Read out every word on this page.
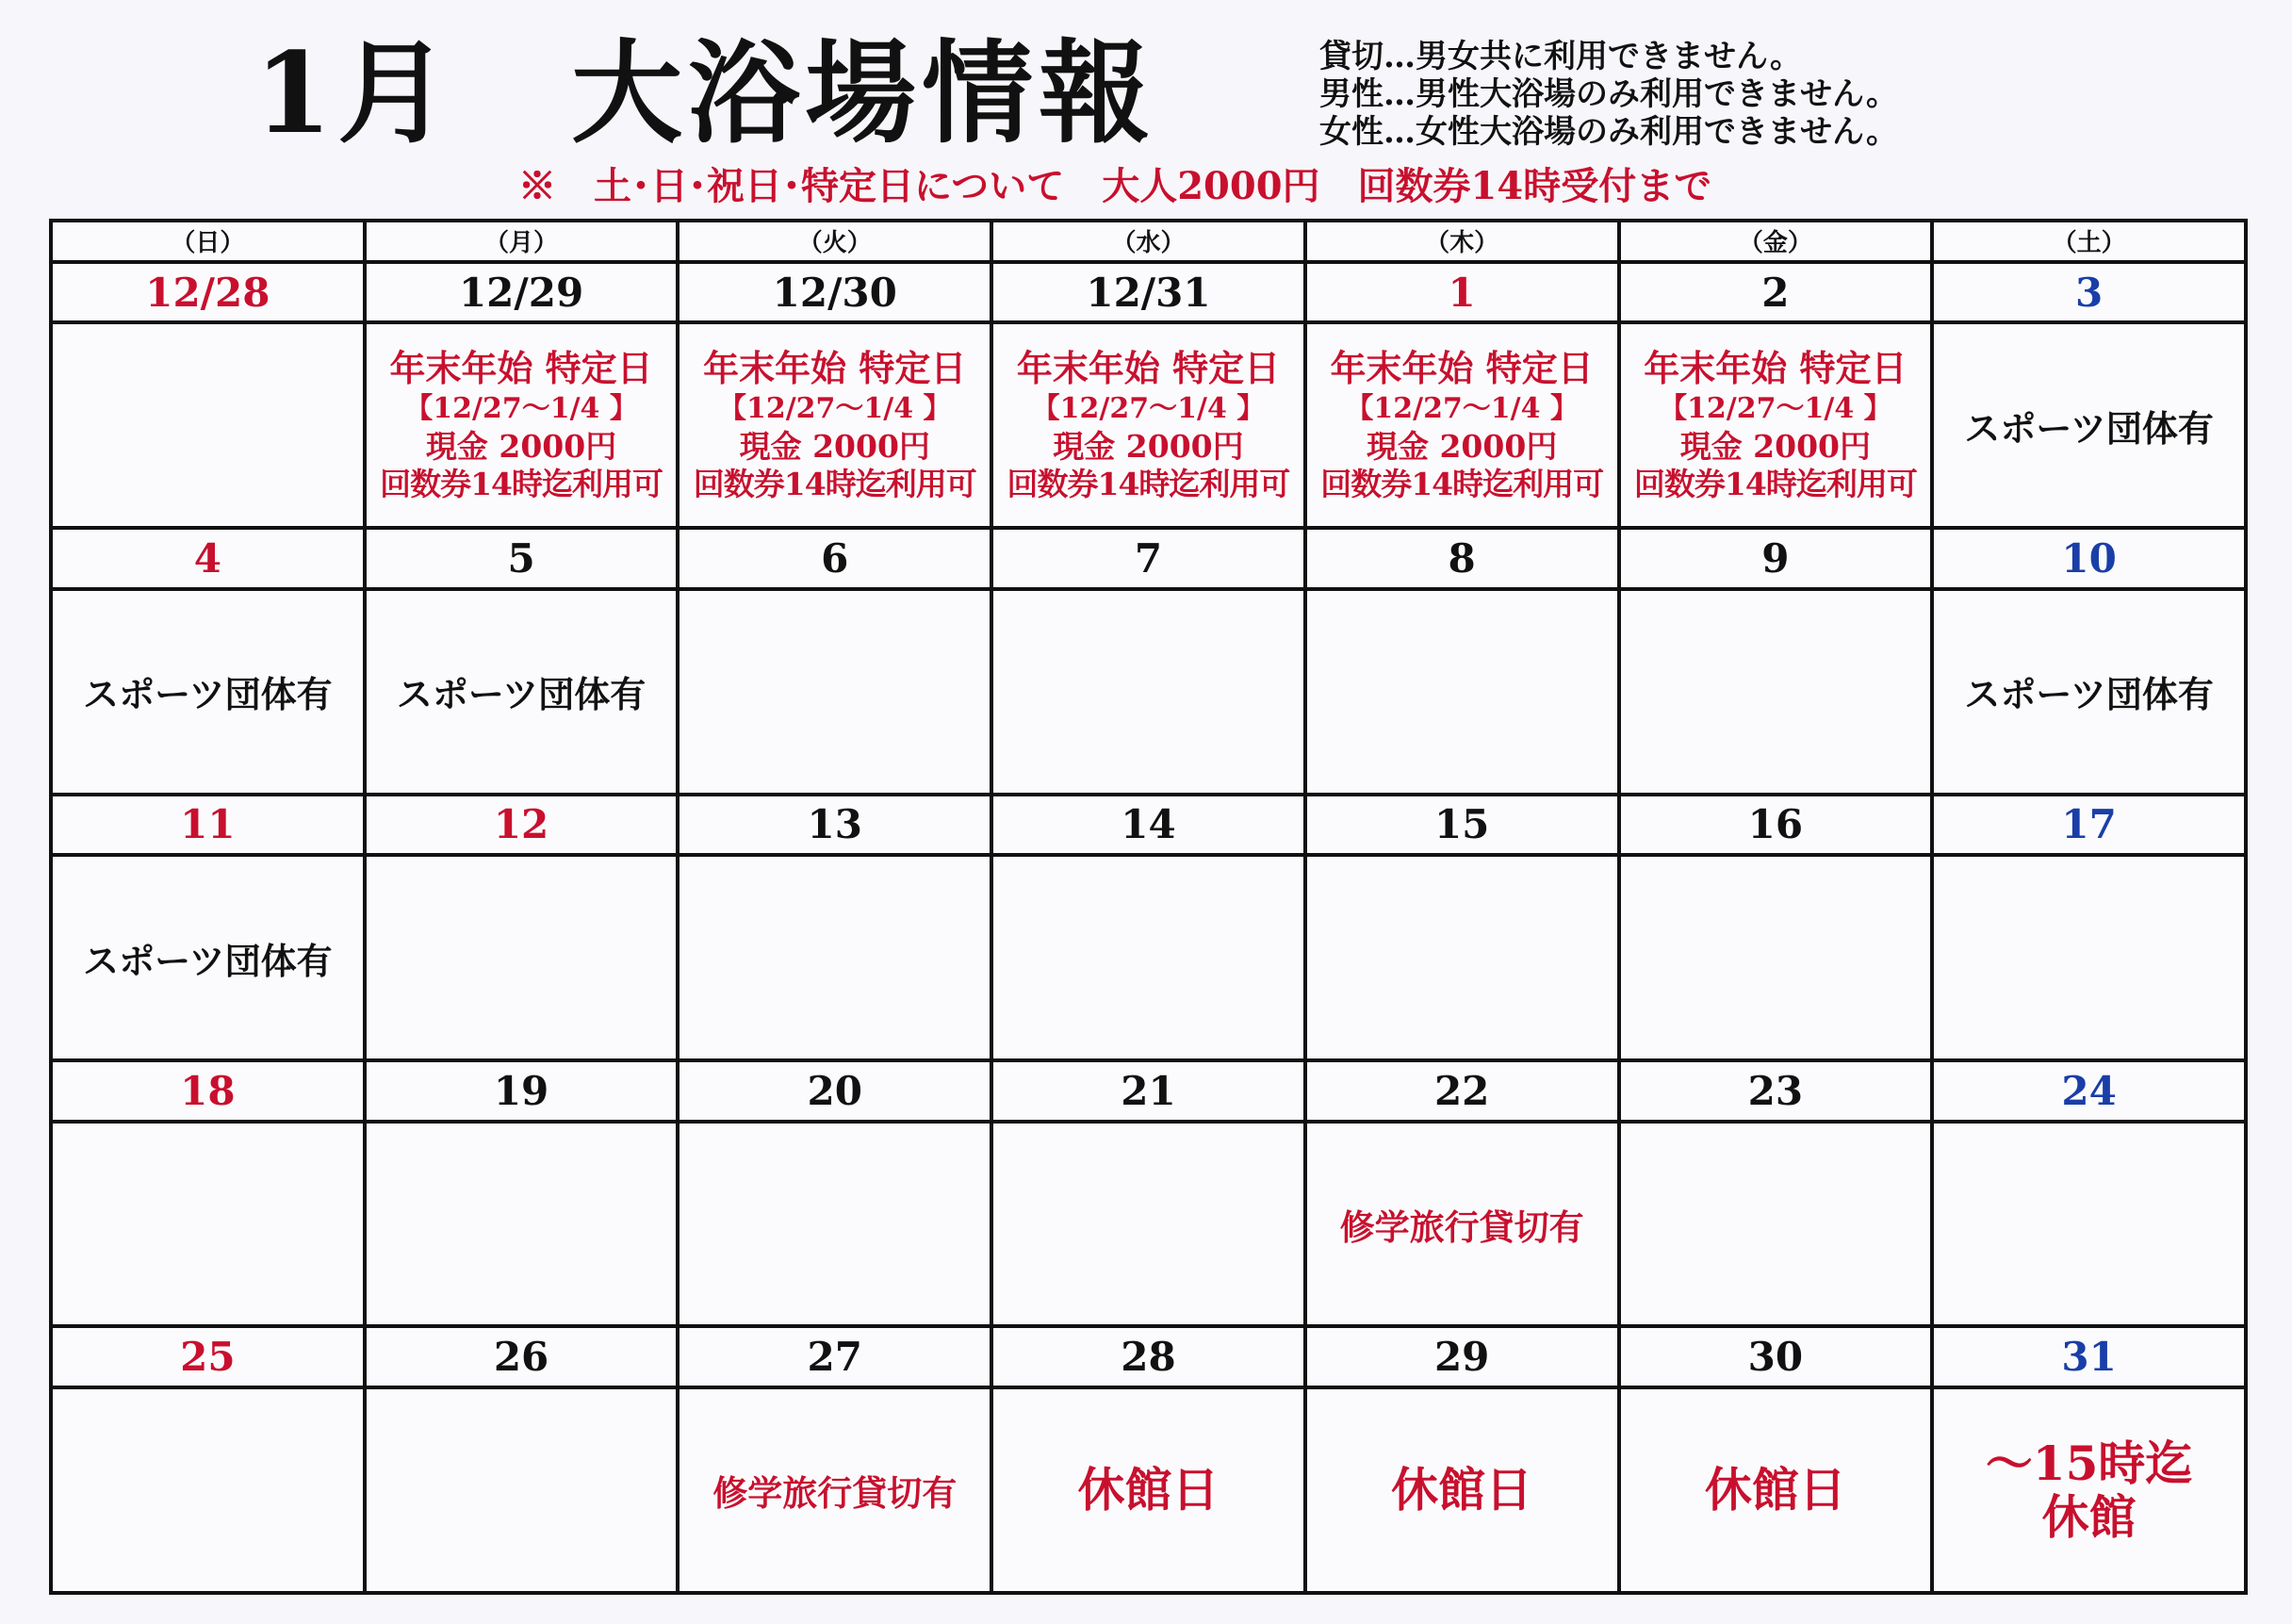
1月　大浴場情報	貸切…男女共に利用できません。
男性…男性大浴場のみ利用できません。
女性…女性大浴場のみ利用できません。
※　土･日･祝日･特定日について　大人2000円　回数券14時受付まで
（日）	（月）	（火）	（水）	（木）	（金）	（土）
12/28	12/29	12/30	12/31	1	2	3

	年末年始 特定日
【12/27～1/4 】
現金 2000円
回数券14時迄利用可	年末年始 特定日
【12/27～1/4 】
現金 2000円
回数券14時迄利用可	年末年始 特定日
【12/27～1/4 】
現金 2000円
回数券14時迄利用可	年末年始 特定日
【12/27～1/4 】
現金 2000円
回数券14時迄利用可	年末年始 特定日
【12/27～1/4 】
現金 2000円
回数券14時迄利用可	スポーツ団体有

4	5	6	7	8	9	10

スポーツ団体有	スポーツ団体有					スポーツ団体有

11	12	13	14	15	16	17

スポーツ団体有						

18	19	20	21	22	23	24

				修学旅行貸切有		

25	26	27	28	29	30	31

		修学旅行貸切有	休館日	休館日	休館日	～15時迄
休館
